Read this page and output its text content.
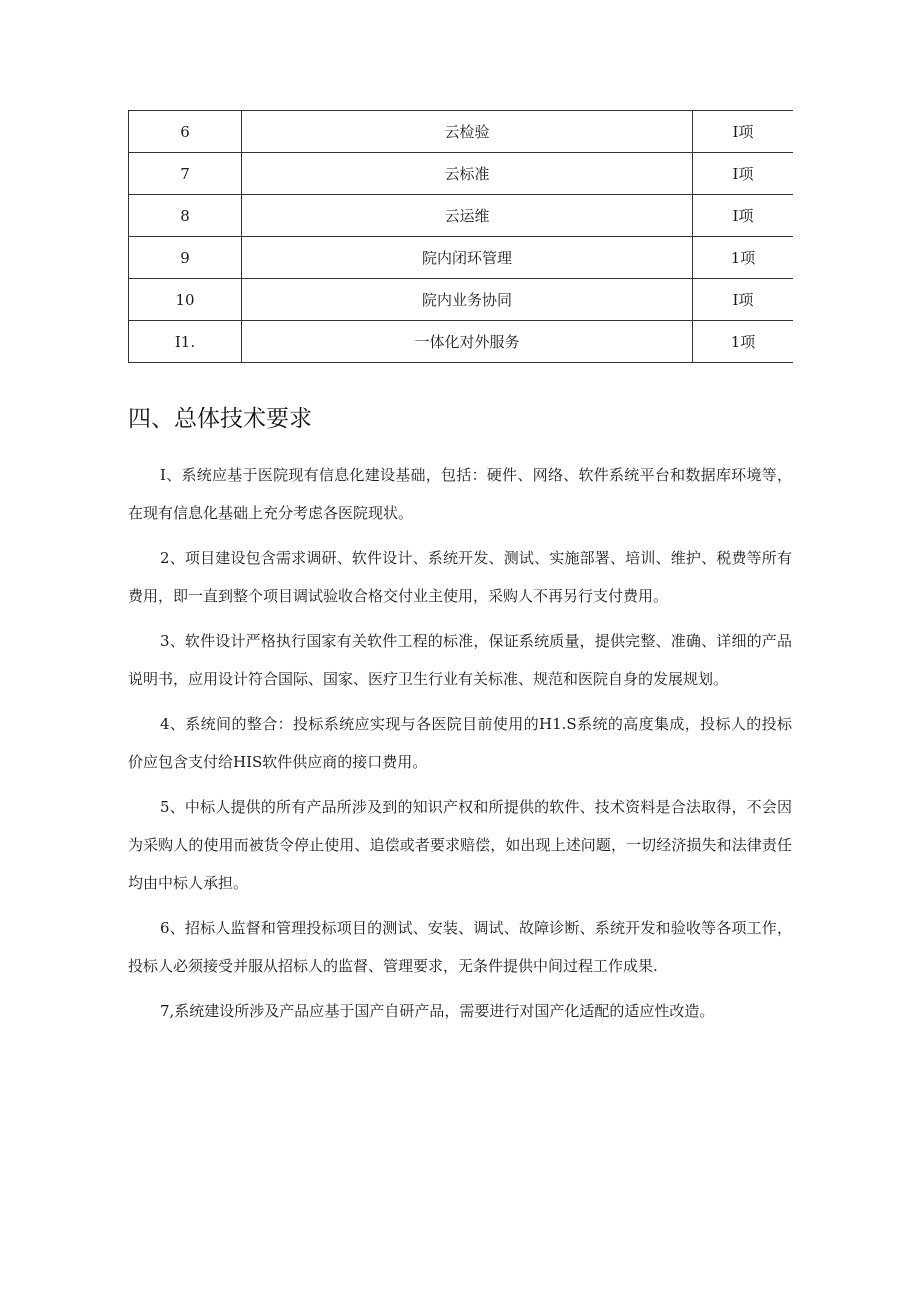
6	云检验	I项
7	云标准	I项
8	云运维	I项
9	院内闭环管理	1项
10	院内业务协同	I项
I1.	一体化对外服务	1项
四、总体技术要求

I、系统应基于医院现有信息化建设基础，包括：硬件、网络、软件系统平台和数据库环境等，在现有信息化基础上充分考虑各医院现状。

2、项目建设包含需求调研、软件设计、系统开发、测试、实施部署、培训、维护、税费等所有费用，即一直到整个项目调试验收合格交付业主使用，采购人不再另行支付费用。

3、软件设计严格执行国家有关软件工程的标准，保证系统质量，提供完整、准确、详细的产品说明书，应用设计符合国际、国家、医疗卫生行业有关标准、规范和医院自身的发展规划。

4、系统间的整合：投标系统应实现与各医院目前使用的H1.S系统的高度集成，投标人的投标价应包含支付给HIS软件供应商的接口费用。

5、中标人提供的所有产品所涉及到的知识产权和所提供的软件、技术资料是合法取得，不会因为采购人的使用而被货令停止使用、追偿或者要求赔偿，如出现上述问题，一切经济损失和法律责任均由中标人承担。

6、招标人监督和管理投标项目的测试、安装、调试、故障诊断、系统开发和验收等各项工作，投标人必须接受并服从招标人的监督、管理要求，无条件提供中间过程工作成果.

7,系统建设所涉及产品应基于国产自研产品，需要进行对国产化适配的适应性改造。
